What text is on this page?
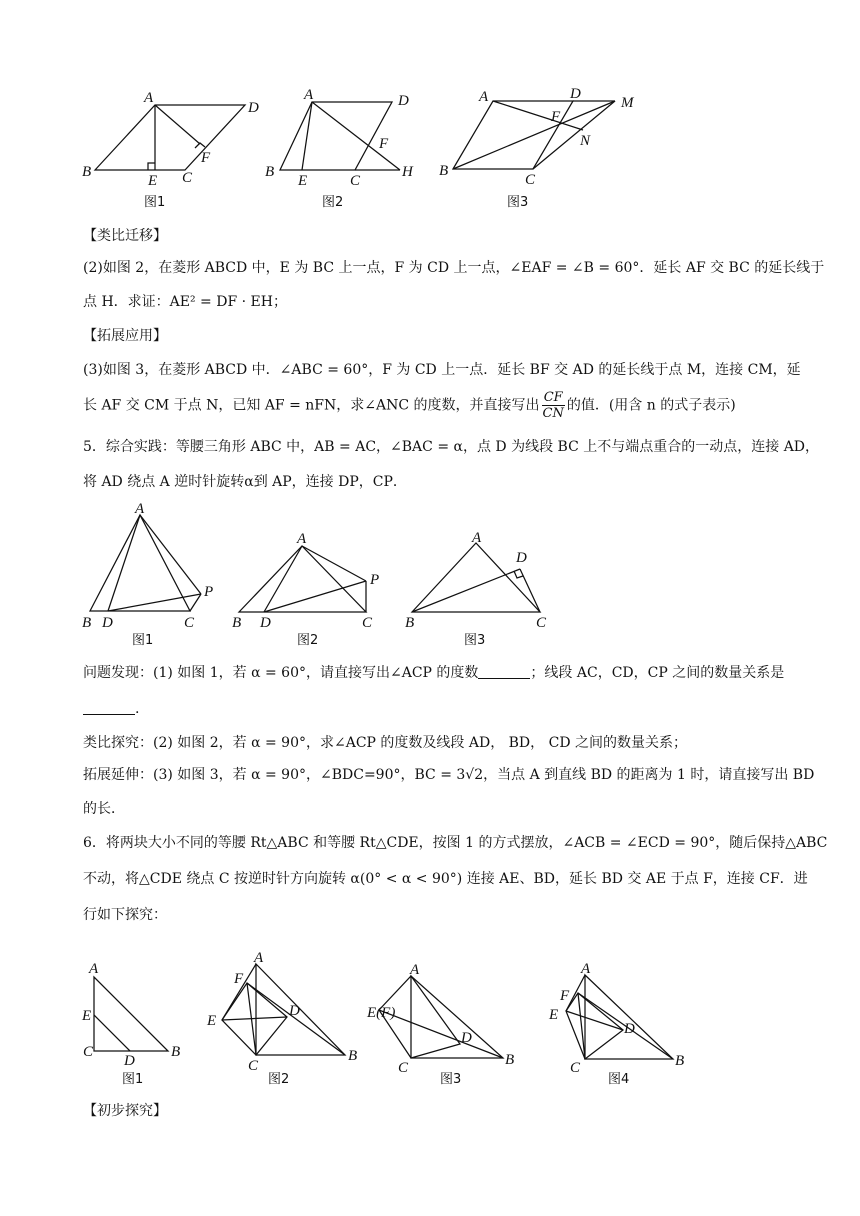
A
D
B
E C
F
图1
A	D
B
E	C
F
H
图2
A	D
M
F
N
B
C
图3
【类比迁移】
(2)如图 2，在菱形 ABCD 中，E 为 BC 上一点，F 为 CD 上一点，∠EAF = ∠B = 60°．延长 AF 交 BC 的延长线于
点 H．求证：AE² = DF · EH；
【拓展应用】
(3)如图 3，在菱形 ABCD 中．∠ABC = 60°，F 为 CD 上一点．延长 BF 交 AD 的延长线于点 M，连接 CM，延
长 AF 交 CM 于点 N，已知 AF = nFN，求∠ANC 的度数，并直接写出 $\frac{CF}{CN}$ 的值．(用含 n 的式子表示)
5．综合实践：等腰三角形 ABC 中，AB = AC，∠BAC = α，点 D 为线段 BC 上不与端点重合的一动点，连接 AD，
将 AD 绕点 A 逆时针旋转α到 AP，连接 DP，CP．
A
P
B D	C
图1
A
P
B D	C
图2
A
D
B	C
图3
问题发现：(1) 如图 1，若 α = 60°，请直接写出∠ACP 的度数	；线段 AC，CD，CP 之间的数量关系是
.
类比探究：(2) 如图 2，若 α = 90°，求∠ACP 的度数及线段 AD， BD， CD 之间的数量关系；
拓展延伸：(3) 如图 3，若 α = 90°，∠BDC=90°，BC = 3√2，当点 A 到直线 BD 的距离为 1 时，请直接写出 BD
的长．
6．将两块大小不同的等腰 Rt△ABC 和等腰 Rt△CDE，按图 1 的方式摆放，∠ACB = ∠ECD = 90°，随后保持△ABC
不动，将△CDE 绕点 C 按逆时针方向旋转 α(0° < α < 90°) 连接 AE、BD，延长 BD 交 AE 于点 F，连接 CF．进
行如下探究：
A
E
C
D
B
图1
A
F
E
D
C
B
图2
A
E(F)
D
C	B
图3
A
F
E
D
C	B
图4
【初步探究】
